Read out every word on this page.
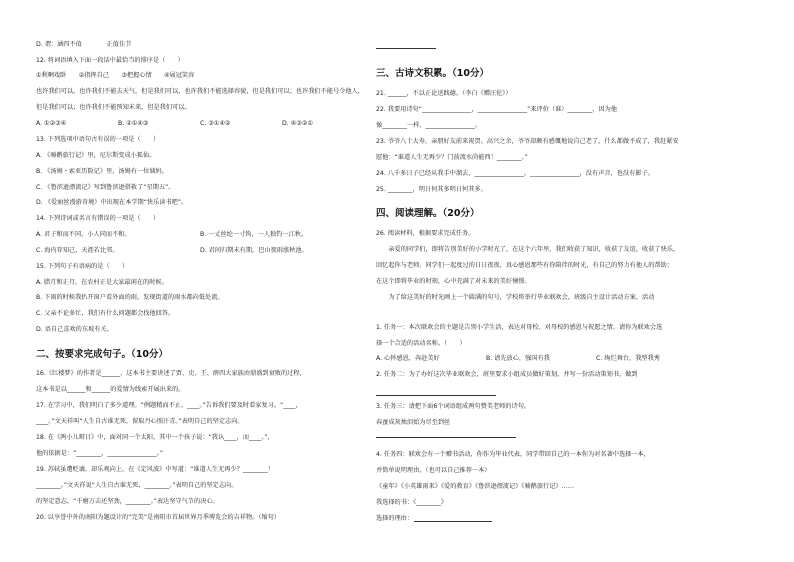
D. 谓：涵四不值　　　　正值佳节
12. 将词语填入下面一段话中最恰当的排序是（　　）
①利啊戏卧　　②指挥自己　　③把握心情　　④展冠笑容
也许我们可以，也许我们不能去天气，但是我们可以，也许我们不能选择容貌，但是我们可以；也许我们不能号令他人，
但是我们可以；也许我们不能预知未来，但是我们可以。
A. ①②③④	B. ②①④③	C. ③①④②	D. ④③②①
13. 下列选项中语句古有误的一项是（　　）
A. 《骑鹅旅行记》里，尼尔斯变成小狐仙。
B. 《汤姆・索亚历险记》里，汤姆有一位姨妈。
C. 《鲁滨逊漂流记》写到鲁滨逊搭救了“星期五”。
D. 《爱丽丝漫游奇境》中出现在本学期“快乐读书吧”。
14. 下列诗词或名言有错误的一项是（　　）
A. 君子和而不同，小人同而不和。	B. 一丈丝纶一寸钩，一人独钓一江秋。
C. 海内存知己，天涯若比邻。	D. 君问归期未有期，巴山夜雨涨秋池。
15. 下列句子有语病的是（　　）
A. 腊月和正月，在农村正是大家最闲在的时候。
B. 下雨的时候我扒开窗户看外面的雨，发现街道的雨水都向低处流。
C. 父亲不论多忙，我们有什么问题都会找他回答。
D. 语自己喜欢的东坡有关。
二、按要求完成句子。（10分）
16.《红楼梦》的作者是______，这本书主要讲述了贾、史、王、薛四大家族由鼎盛到衰败的过程，
这本书是以______和______的爱情为线索开展出来的。
17. 在学习中，我们明白了多少道理。“例题精而不止。____。”告诉我们要及时看家复习。“____，
____。”文天祥叫“人生自古谁无死，留取丹心照汗青。”表明自己的坚定志向。
18. 在《两小儿辩日》中，面对同一个太阳，其中一个孩子说：“我认____，而____。”，
他的依据是：“________，________________。”
19. 苏轼虽遭贬谪，却乐观向上，在《定风波》中写道：“谁道人生无再少？________！
________。”文天祥说“人生自古谁无死，________。”表明自己的坚定志向。
的坚定意志，“千磨万击还坚劲，________。”表达坚守气节的决心。
20. 以享誉中外的南阳为题设计的“完美”是南阳市首届世界月季博览会的吉祥物。（缩句）
三、古诗文积累。（10分）
21. ______，不以正论送践德。（李白《赠汪伦》）
22. 我要用诗句“________________，________________”来评价（谁）________，因为他
像________一样，________________。
23. 爷爷八十大寿，亲朋好友前来祝贺。高兴之余，爷爷却颇有感慨地说自己老了，什么都做不成了，我赶紧安
慰他：“谁道人生无再少？门前流水尚能西！________。”
24. 八千多日子已经从我手中溜去，________________，________________，没有声音，也没有影子。
25. ________，明日何其多明日何其多。
四、阅读理解。（20分）
26. 阅读材料，根据要求完成任务。
　　亲爱的同学们，即将告别美好的小学时光了，在这个六年里，我们收获了知识，收获了友谊，收获了快乐，
回忆起你与老师、同学们一起度过的日日夜夜，真心感恩那些有你陪伴的时光，有自己的努力有他人的帮助；
在这个即将毕业的时刻，心中充满了对未来的美好憧憬。
　　为了给这美好的时光画上一个圆满的句号，学校将举行毕业联欢会，班级自主设计活动方案，活动
1. 任务一：本次联欢会的主题是告别小学生活，表达对母校、对母校的感恩与祝愿之情。请你为联欢会选
择一个合适的活动名称。（　　）
A. 心怀感恩，奔赴美好	B. 请先放心，强国有我	C. 绚烂舞台，我型我秀
2. 任务二：为了办好这次毕业联欢会，班里要求小组成员做好策划，并写一份活动策划书，做到
3. 任务三：请把下面6个词语组成两句赞美老师的诗句。
春蚕成灰烛泪始为尽至到丝
4. 任务四：联欢会有一个赠书活动，你作为毕业代表，同学带回自己的一本你为对名著中选择一本，
并简单说明理由。（也可以自己推荐一本）
《童年》《小英雄雨来》《爱的教育》《鲁滨逊漂流记》《骑鹅旅行记》……
我选择的书：《________》
选择的理由：
